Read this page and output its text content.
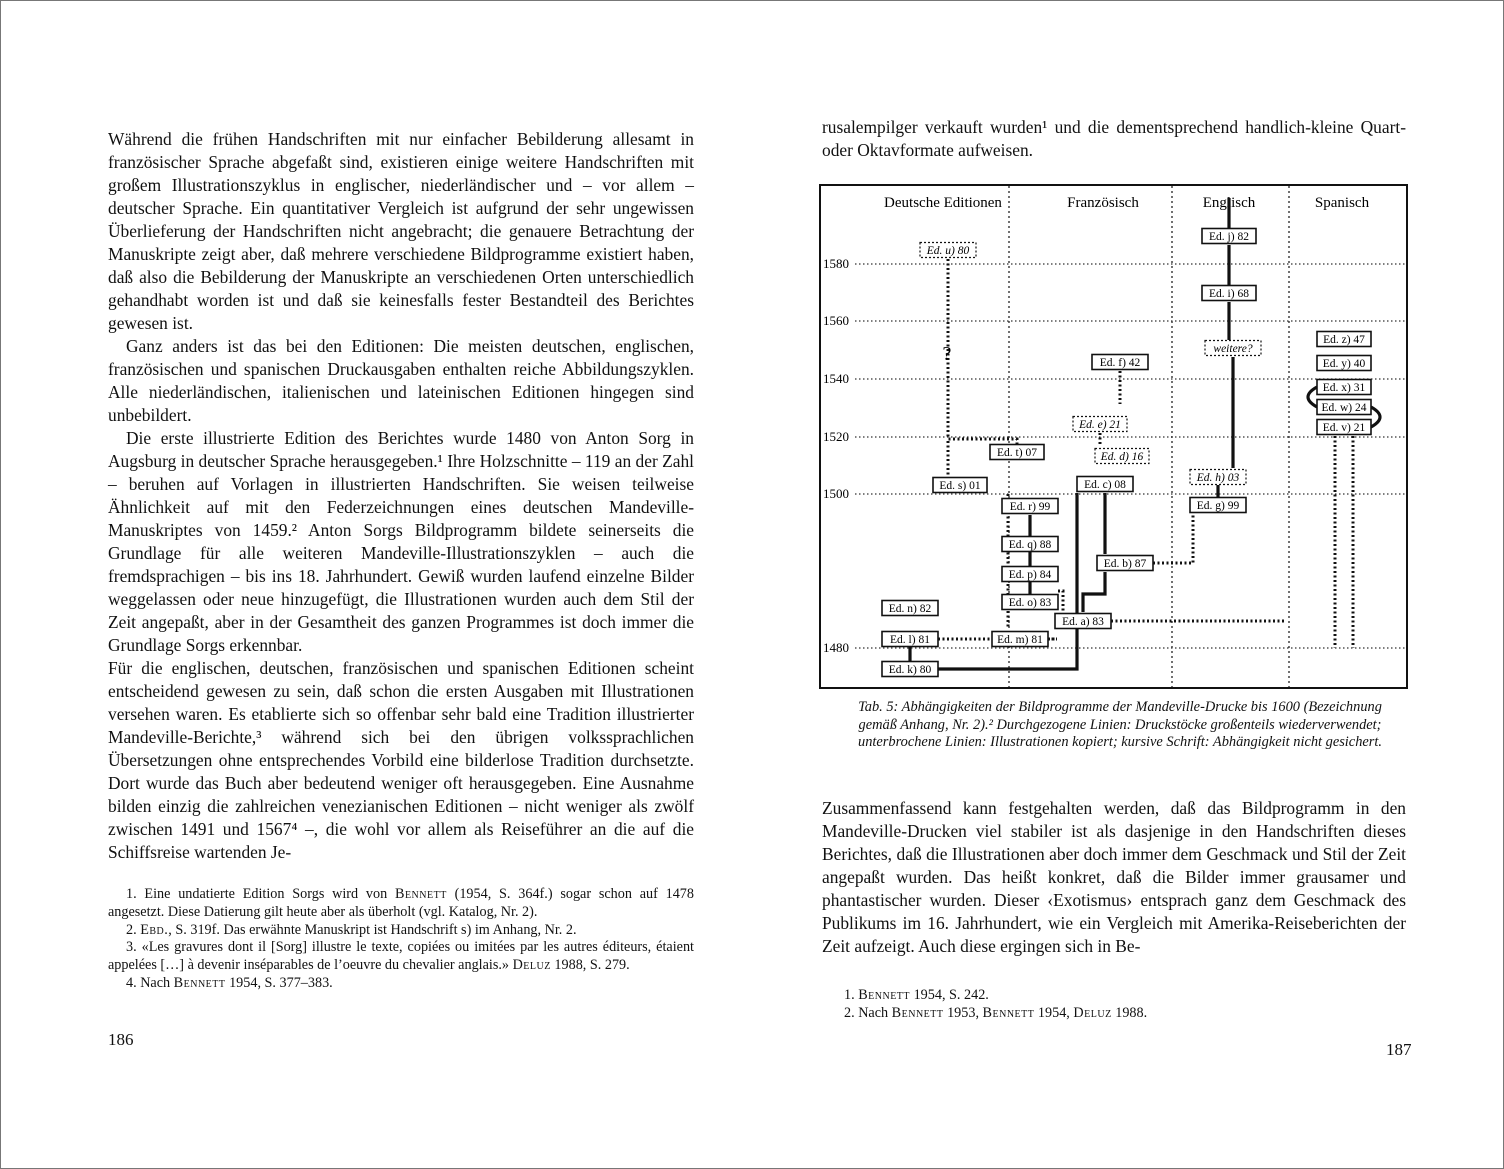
Während die frühen Handschriften mit nur einfacher Bebilderung allesamt in französischer Sprache abgefaßt sind, existieren einige weitere Handschriften mit großem Illustrationszyklus in englischer, niederländischer und – vor allem – deutscher Sprache. Ein quantitativer Vergleich ist aufgrund der sehr ungewissen Überlieferung der Handschriften nicht angebracht; die genauere Betrachtung der Manuskripte zeigt aber, daß mehrere verschiedene Bildprogramme existiert haben, daß also die Bebilderung der Manuskripte an verschiedenen Orten unterschiedlich gehandhabt worden ist und daß sie keinesfalls fester Bestandteil des Berichtes gewesen ist.

Ganz anders ist das bei den Editionen: Die meisten deutschen, englischen, französischen und spanischen Druckausgaben enthalten reiche Abbildungszyklen. Alle niederländischen, italienischen und lateinischen Editionen hingegen sind unbebildert.

Die erste illustrierte Edition des Berichtes wurde 1480 von Anton Sorg in Augsburg in deutscher Sprache herausgegeben.¹ Ihre Holzschnitte – 119 an der Zahl – beruhen auf Vorlagen in illustrierten Handschriften. Sie weisen teilweise Ähnlichkeit auf mit den Federzeichnungen eines deutschen Mandeville-Manuskriptes von 1459.² Anton Sorgs Bildprogramm bildete seinerseits die Grundlage für alle weiteren Mandeville-Illustrationszyklen – auch die fremdsprachigen – bis ins 18. Jahrhundert. Gewiß wurden laufend einzelne Bilder weggelassen oder neue hinzugefügt, die Illustrationen wurden auch dem Stil der Zeit angepaßt, aber in der Gesamtheit des ganzen Programmes ist doch immer die Grundlage Sorgs erkennbar.

Für die englischen, deutschen, französischen und spanischen Editionen scheint entscheidend gewesen zu sein, daß schon die ersten Ausgaben mit Illustrationen versehen waren. Es etablierte sich so offenbar sehr bald eine Tradition illustrierter Mandeville-Berichte,³ während sich bei den übrigen volkssprachlichen Übersetzungen ohne entsprechendes Vorbild eine bilderlose Tradition durchsetzte. Dort wurde das Buch aber bedeutend weniger oft herausgegeben. Eine Ausnahme bilden einzig die zahlreichen venezianischen Editionen – nicht weniger als zwölf zwischen 1491 und 1567⁴ –, die wohl vor allem als Reiseführer an die auf die Schiffsreise wartenden Je-

1. Eine undatierte Edition Sorgs wird von Bennett (1954, S. 364f.) sogar schon auf 1478 angesetzt. Diese Datierung gilt heute aber als überholt (vgl. Katalog, Nr. 2).

2. Ebd., S. 319f. Das erwähnte Manuskript ist Handschrift s) im Anhang, Nr. 2.

3. «Les gravures dont il [Sorg] illustre le texte, copiées ou imitées par les autres éditeurs, étaient appelées […] à devenir inséparables de l’oeuvre du chevalier anglais.» Deluz 1988, S. 279.

4. Nach Bennett 1954, S. 377–383.

186

rusalempilger verkauft wurden¹ und die dementsprechend handlich-kleine Quart- oder Oktavformate aufweisen.

1580
1560
1540
1520
1500
1480
Deutsche Editionen	Französisch	Englisch	Spanisch
Ed. u) 80
Ed. t) 07
Ed. s) 01
Ed. r) 99
Ed. q) 88
Ed. p) 84
Ed. o) 83
Ed. n) 82
Ed. m) 81
Ed. l) 81
Ed. k) 80
Ed. f) 42
Ed. e) 21
Ed. d) 16
Ed. c) 08
Ed. b) 87
Ed. a) 83
Ed. j) 82
Ed. i) 68
weitere?
Ed. h) 03
Ed. g) 99
Ed. z) 47
Ed. y) 40
Ed. x) 31
Ed. w) 24
Ed. v) 21
?
Tab. 5: Abhängigkeiten der Bildprogramme der Mandeville-Drucke bis 1600 (Bezeichnung gemäß Anhang, Nr. 2).² Durchgezogene Linien: Druckstöcke großenteils wiederverwendet; unterbrochene Linien: Illustrationen kopiert; kursive Schrift: Abhängigkeit nicht gesichert.

Zusammenfassend kann festgehalten werden, daß das Bildprogramm in den Mandeville-Drucken viel stabiler ist als dasjenige in den Handschriften dieses Berichtes, daß die Illustrationen aber doch immer dem Geschmack und Stil der Zeit angepaßt wurden. Das heißt konkret, daß die Bilder immer grausamer und phantastischer wurden. Dieser ‹Exotismus› entsprach ganz dem Geschmack des Publikums im 16. Jahrhundert, wie ein Vergleich mit Amerika-Reiseberichten der Zeit aufzeigt. Auch diese ergingen sich in Be-

1. Bennett 1954, S. 242.

2. Nach Bennett 1953, Bennett 1954, Deluz 1988.

187
